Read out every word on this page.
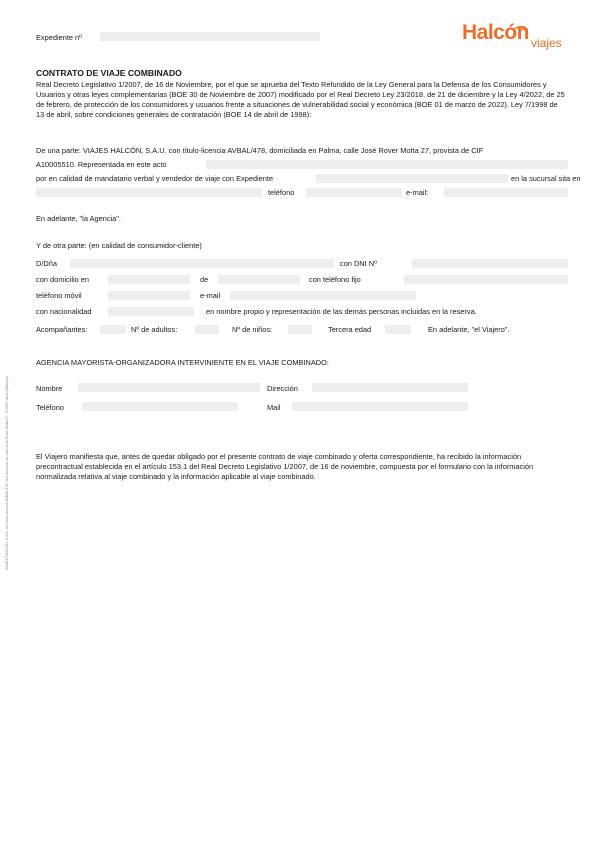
VIAJES HALCÓN, S.A.U. con título-licencia AVBAL/478, con domicilio en calle José Rover Motta 27, 07006 Palma (Mallorca)
Expediente nº	Halcón viajes
CONTRATO DE VIAJE COMBINADO
Real Decreto Legislativo 1/2007, de 16 de Noviembre, por el que se aprueba del Texto Refundido de la Ley General para la Defensa de los Consumidores y Usuarios y otras leyes complementarias (BOE 30 de Noviembre de 2007) modificado por el Real Decreto Ley 23/2018, de 21 de diciembre y la Ley 4/2022, de 25 de febrero, de protección de los consumidores y usuarios frente a situaciones de vulnerabilidad social y económica (BOE 01 de marzo de 2022). Ley 7/1998 de 13 de abril, sobre condiciones generales de contratación (BOE 14 de abril de 1998):
De una parte: VIAJES HALCÓN, S.A.U. con título-licencia AVBAL/478, domiciliada en Palma, calle José Rover Motta 27, provista de CIF
A10005510. Representada en este acto
por en calidad de mandatario verbal y vendedor de viaje con Expediente	en la sucursal sita en
teléfono	e-mail:
En adelante, "la Agencia".
Y de otra parte: (en calidad de consumidor-cliente)
D/Dña	con DNI Nº
con domicilio en	de	con teléfono fijo
teléfono móvil	e-mail
con nacionalidad	en nombre propio y representación de las demás personas incluidas en la reserva.
Acompañantes:	Nº de adultos:	Nº de niños:	Tercera edad	En adelante, "el Viajero".
AGENCIA MAYORISTA-ORGANIZADORA INTERVINIENTE EN EL VIAJE COMBINADO:
Nombre	Dirección
Teléfono	Mail
El Viajero manifiesta que, antes de quedar obligado por el presente contrato de viaje combinado y oferta correspondiente, ha recibido la información precontractual establecida en el artículo 153.1 del Real Decreto Legislativo 1/2007, de 16 de noviembre, compuesta por el formulario con la información normalizada relativa al viaje combinado y la información aplicable al viaje combinado.
